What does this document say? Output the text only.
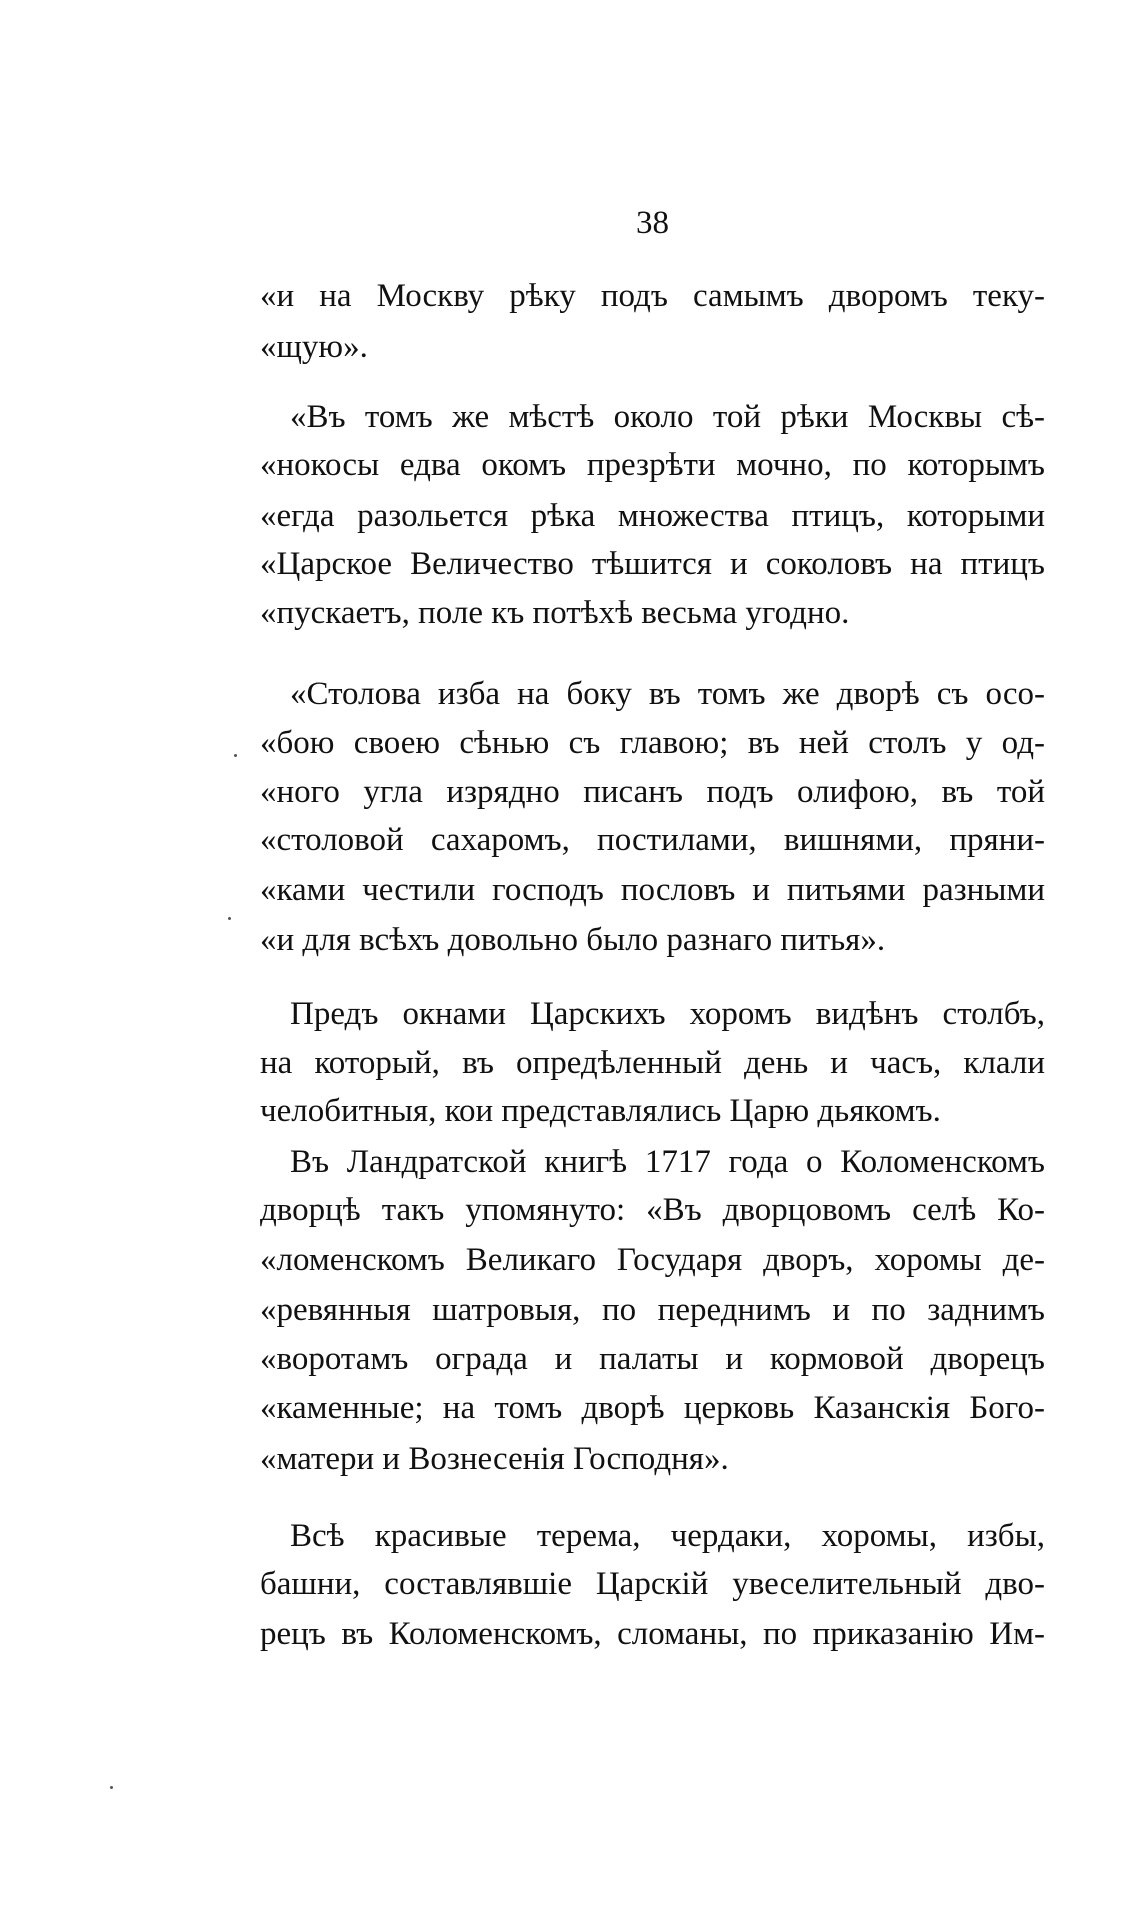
38
«и на Москву рѣку подъ самымъ дворомъ теку-
«щую».
«Въ томъ же мѣстѣ около той рѣки Москвы сѣ-
«нокосы едва окомъ презрѣти мочно, по которымъ
«егда разольется рѣка множества птицъ, которыми
«Царское Величество тѣшится и соколовъ на птицъ
«пускаетъ, поле къ потѣхѣ весьма угодно.
«Столова изба на боку въ томъ же дворѣ съ осо-
«бою своею сѣнью съ главою; въ ней столъ у од-
«ного угла изрядно писанъ подъ олифою, въ той
«столовой сахаромъ, постилами, вишнями, пряни-
«ками честили господъ пословъ и питьями разными
«и для всѣхъ довольно было разнаго питья».
Предъ окнами Царскихъ хоромъ видѣнъ столбъ,
на который, въ опредѣленный день и часъ, клали
челобитныя, кои представлялись Царю дьякомъ.
Въ Ландратской книгѣ 1717 года о Коломенскомъ
дворцѣ такъ упомянуто: «Въ дворцовомъ селѣ Ко-
«ломенскомъ Великаго Государя дворъ, хоромы де-
«ревянныя шатровыя, по переднимъ и по заднимъ
«воротамъ ограда и палаты и кормовой дворецъ
«каменные; на томъ дворѣ церковь Казанскія Бого-
«матери и Вознесенія Господня».
Всѣ красивые терема, чердаки, хоромы, избы,
башни, составлявшіе Царскій увеселительный дво-
рецъ въ Коломенскомъ, сломаны, по приказанію Им-
